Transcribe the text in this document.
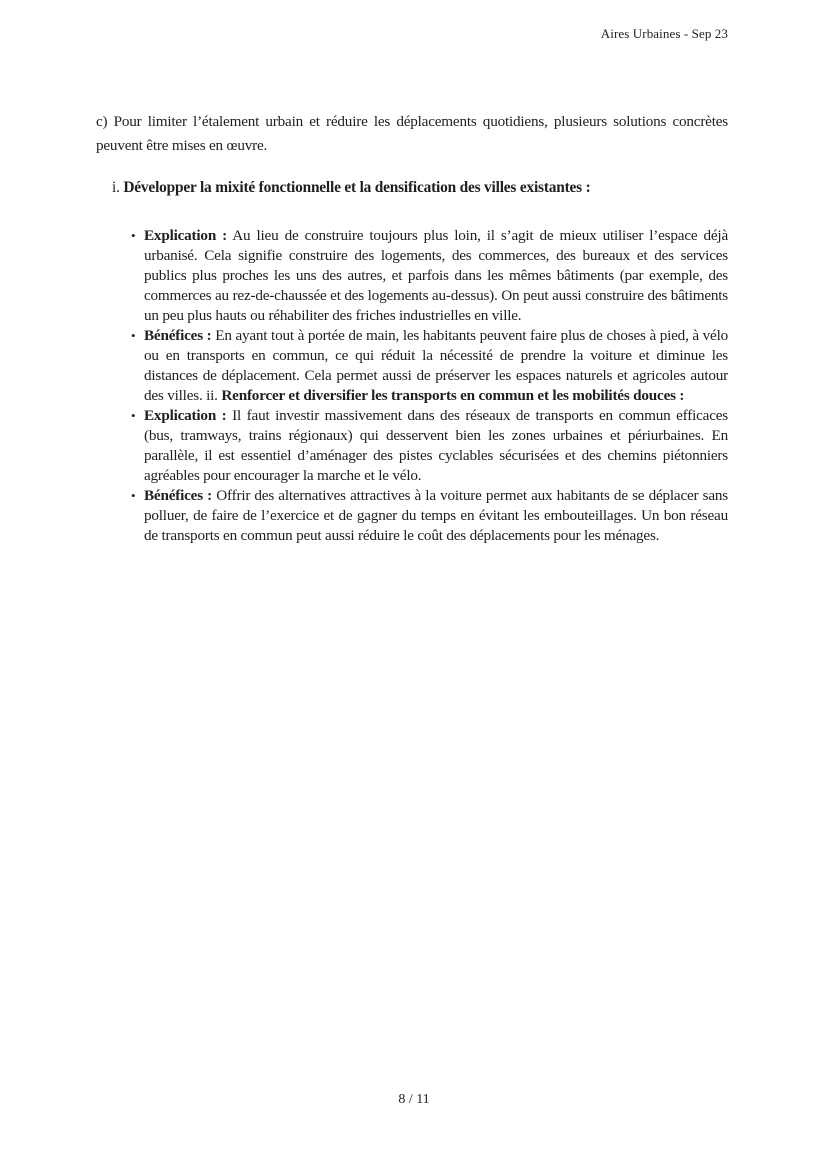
Aires Urbaines - Sep 23

c) Pour limiter l’étalement urbain et réduire les déplacements quotidiens, plusieurs solutions concrètes peuvent être mises en œuvre.

i. Développer la mixité fonctionnelle et la densification des villes existantes :

• Explication : Au lieu de construire toujours plus loin, il s’agit de mieux utiliser l’espace déjà urbanisé. Cela signifie construire des logements, des commerces, des bureaux et des services publics plus proches les uns des autres, et parfois dans les mêmes bâtiments (par exemple, des commerces au rez-de-chaussée et des logements au-dessus). On peut aussi construire des bâtiments un peu plus hauts ou réhabiliter des friches industrielles en ville.
• Bénéfices : En ayant tout à portée de main, les habitants peuvent faire plus de choses à pied, à vélo ou en transports en commun, ce qui réduit la nécessité de prendre la voiture et diminue les distances de déplacement. Cela permet aussi de préserver les espaces naturels et agricoles autour des villes. ii. Renforcer et diversifier les transports en commun et les mobilités douces :
• Explication : Il faut investir massivement dans des réseaux de transports en commun efficaces (bus, tramways, trains régionaux) qui desservent bien les zones urbaines et périurbaines. En parallèle, il est essentiel d’aménager des pistes cyclables sécurisées et des chemins piétonniers agréables pour encourager la marche et le vélo.
• Bénéfices : Offrir des alternatives attractives à la voiture permet aux habitants de se déplacer sans polluer, de faire de l’exercice et de gagner du temps en évitant les embouteillages. Un bon réseau de transports en commun peut aussi réduire le coût des déplacements pour les ménages.
8 / 11
